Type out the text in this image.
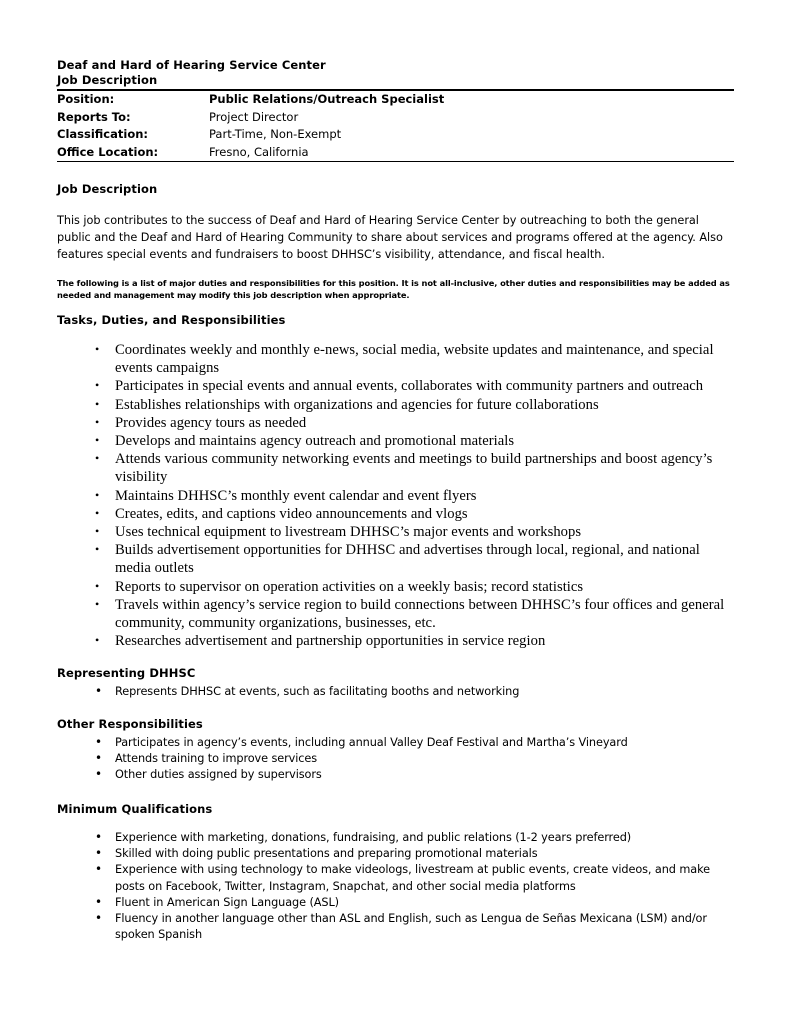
Deaf and Hard of Hearing Service Center
Job Description
Position:	Public Relations/Outreach Specialist
Reports To:	Project Director
Classification:	Part-Time, Non-Exempt
Office Location:	Fresno, California
Job Description
This job contributes to the success of Deaf and Hard of Hearing Service Center by outreaching to both the general public and the Deaf and Hard of Hearing Community to share about services and programs offered at the agency. Also features special events and fundraisers to boost DHHSC’s visibility, attendance, and fiscal health.
The following is a list of major duties and responsibilities for this position. It is not all-inclusive, other duties and responsibilities may be added as needed and management may modify this job description when appropriate.
Tasks, Duties, and Responsibilities
• Coordinates weekly and monthly e-news, social media, website updates and maintenance, and special events campaigns
• Participates in special events and annual events, collaborates with community partners and outreach
• Establishes relationships with organizations and agencies for future collaborations
• Provides agency tours as needed
• Develops and maintains agency outreach and promotional materials
• Attends various community networking events and meetings to build partnerships and boost agency’s visibility
• Maintains DHHSC’s monthly event calendar and event flyers
• Creates, edits, and captions video announcements and vlogs
• Uses technical equipment to livestream DHHSC’s major events and workshops
• Builds advertisement opportunities for DHHSC and advertises through local, regional, and national media outlets
• Reports to supervisor on operation activities on a weekly basis; record statistics
• Travels within agency’s service region to build connections between DHHSC’s four offices and general community, community organizations, businesses, etc.
• Researches advertisement and partnership opportunities in service region
Representing DHHSC
• Represents DHHSC at events, such as facilitating booths and networking
Other Responsibilities
• Participates in agency’s events, including annual Valley Deaf Festival and Martha’s Vineyard
• Attends training to improve services
• Other duties assigned by supervisors
Minimum Qualifications
• Experience with marketing, donations, fundraising, and public relations (1-2 years preferred)
• Skilled with doing public presentations and preparing promotional materials
• Experience with using technology to make videologs, livestream at public events, create videos, and make posts on Facebook, Twitter, Instagram, Snapchat, and other social media platforms
• Fluent in American Sign Language (ASL)
• Fluency in another language other than ASL and English, such as Lengua de Señas Mexicana (LSM) and/or spoken Spanish
